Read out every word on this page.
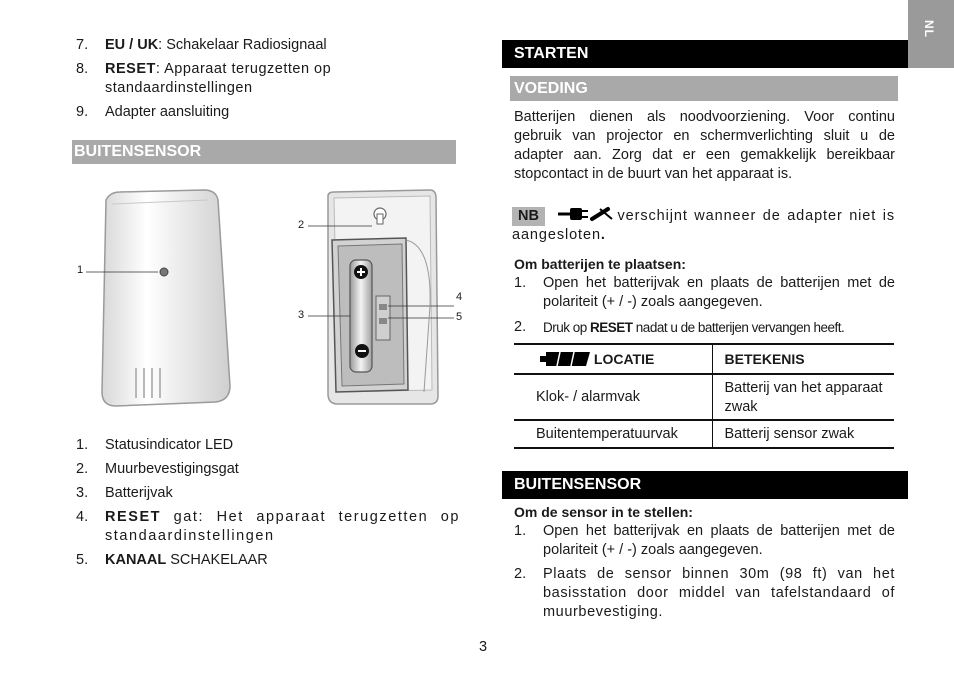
NL
7. EU / UK: Schakelaar Radiosignaal
8. RESET: Apparaat terugzetten op standaardinstellingen
9. Adapter aansluiting
BUITENSENSOR
1
2
3
4
5
1. Statusindicator LED
2. Muurbevestigingsgat
3. Batterijvak
4. RESET gat: Het apparaat terugzetten op standaardinstellingen
5. KANAAL SCHAKELAAR
STARTEN
VOEDING

Batterijen dienen als noodvoorziening. Voor continu gebruik van projector en schermverlichting sluit u de adapter aan. Zorg dat er een gemakkelijk bereikbaar stopcontact in de buurt van het apparaat is.

NB	verschijnt wanneer de adapter niet is aangesloten.

Om batterijen te plaatsen:

1. Open het batterijvak en plaats de batterijen met de polariteit (+ / -) zoals aangegeven.
2. Druk op RESET nadat u de batterijen vervangen heeft.
LOCATIE	BETEKENIS
Klok- / alarmvak	Batterij van het apparaat zwak
Buitentemperatuurvak	Batterij sensor zwak
BUITENSENSOR

Om de sensor in te stellen:

1. Open het batterijvak en plaats de batterijen met de polariteit (+ / -) zoals aangegeven.
2. Plaats de sensor binnen 30m (98 ft) van het basisstation door middel van tafelstandaard of muurbevestiging.
3
